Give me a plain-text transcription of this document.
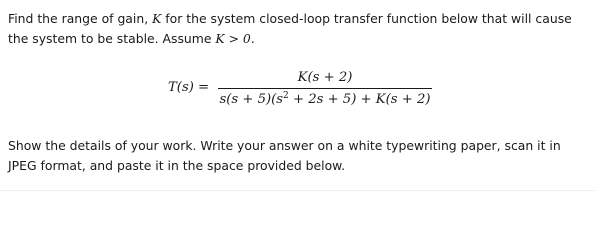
Find the range of gain, K for the system closed-loop transfer function below that will cause the system to be stable. Assume K > 0.

T(s) =
K(s + 2)
$s(s + 5)(s^2 + 2s + 5) + K(s + 2)$

Show the details of your work. Write your answer on a white typewriting paper, scan it in JPEG format, and paste it in the space provided below.
